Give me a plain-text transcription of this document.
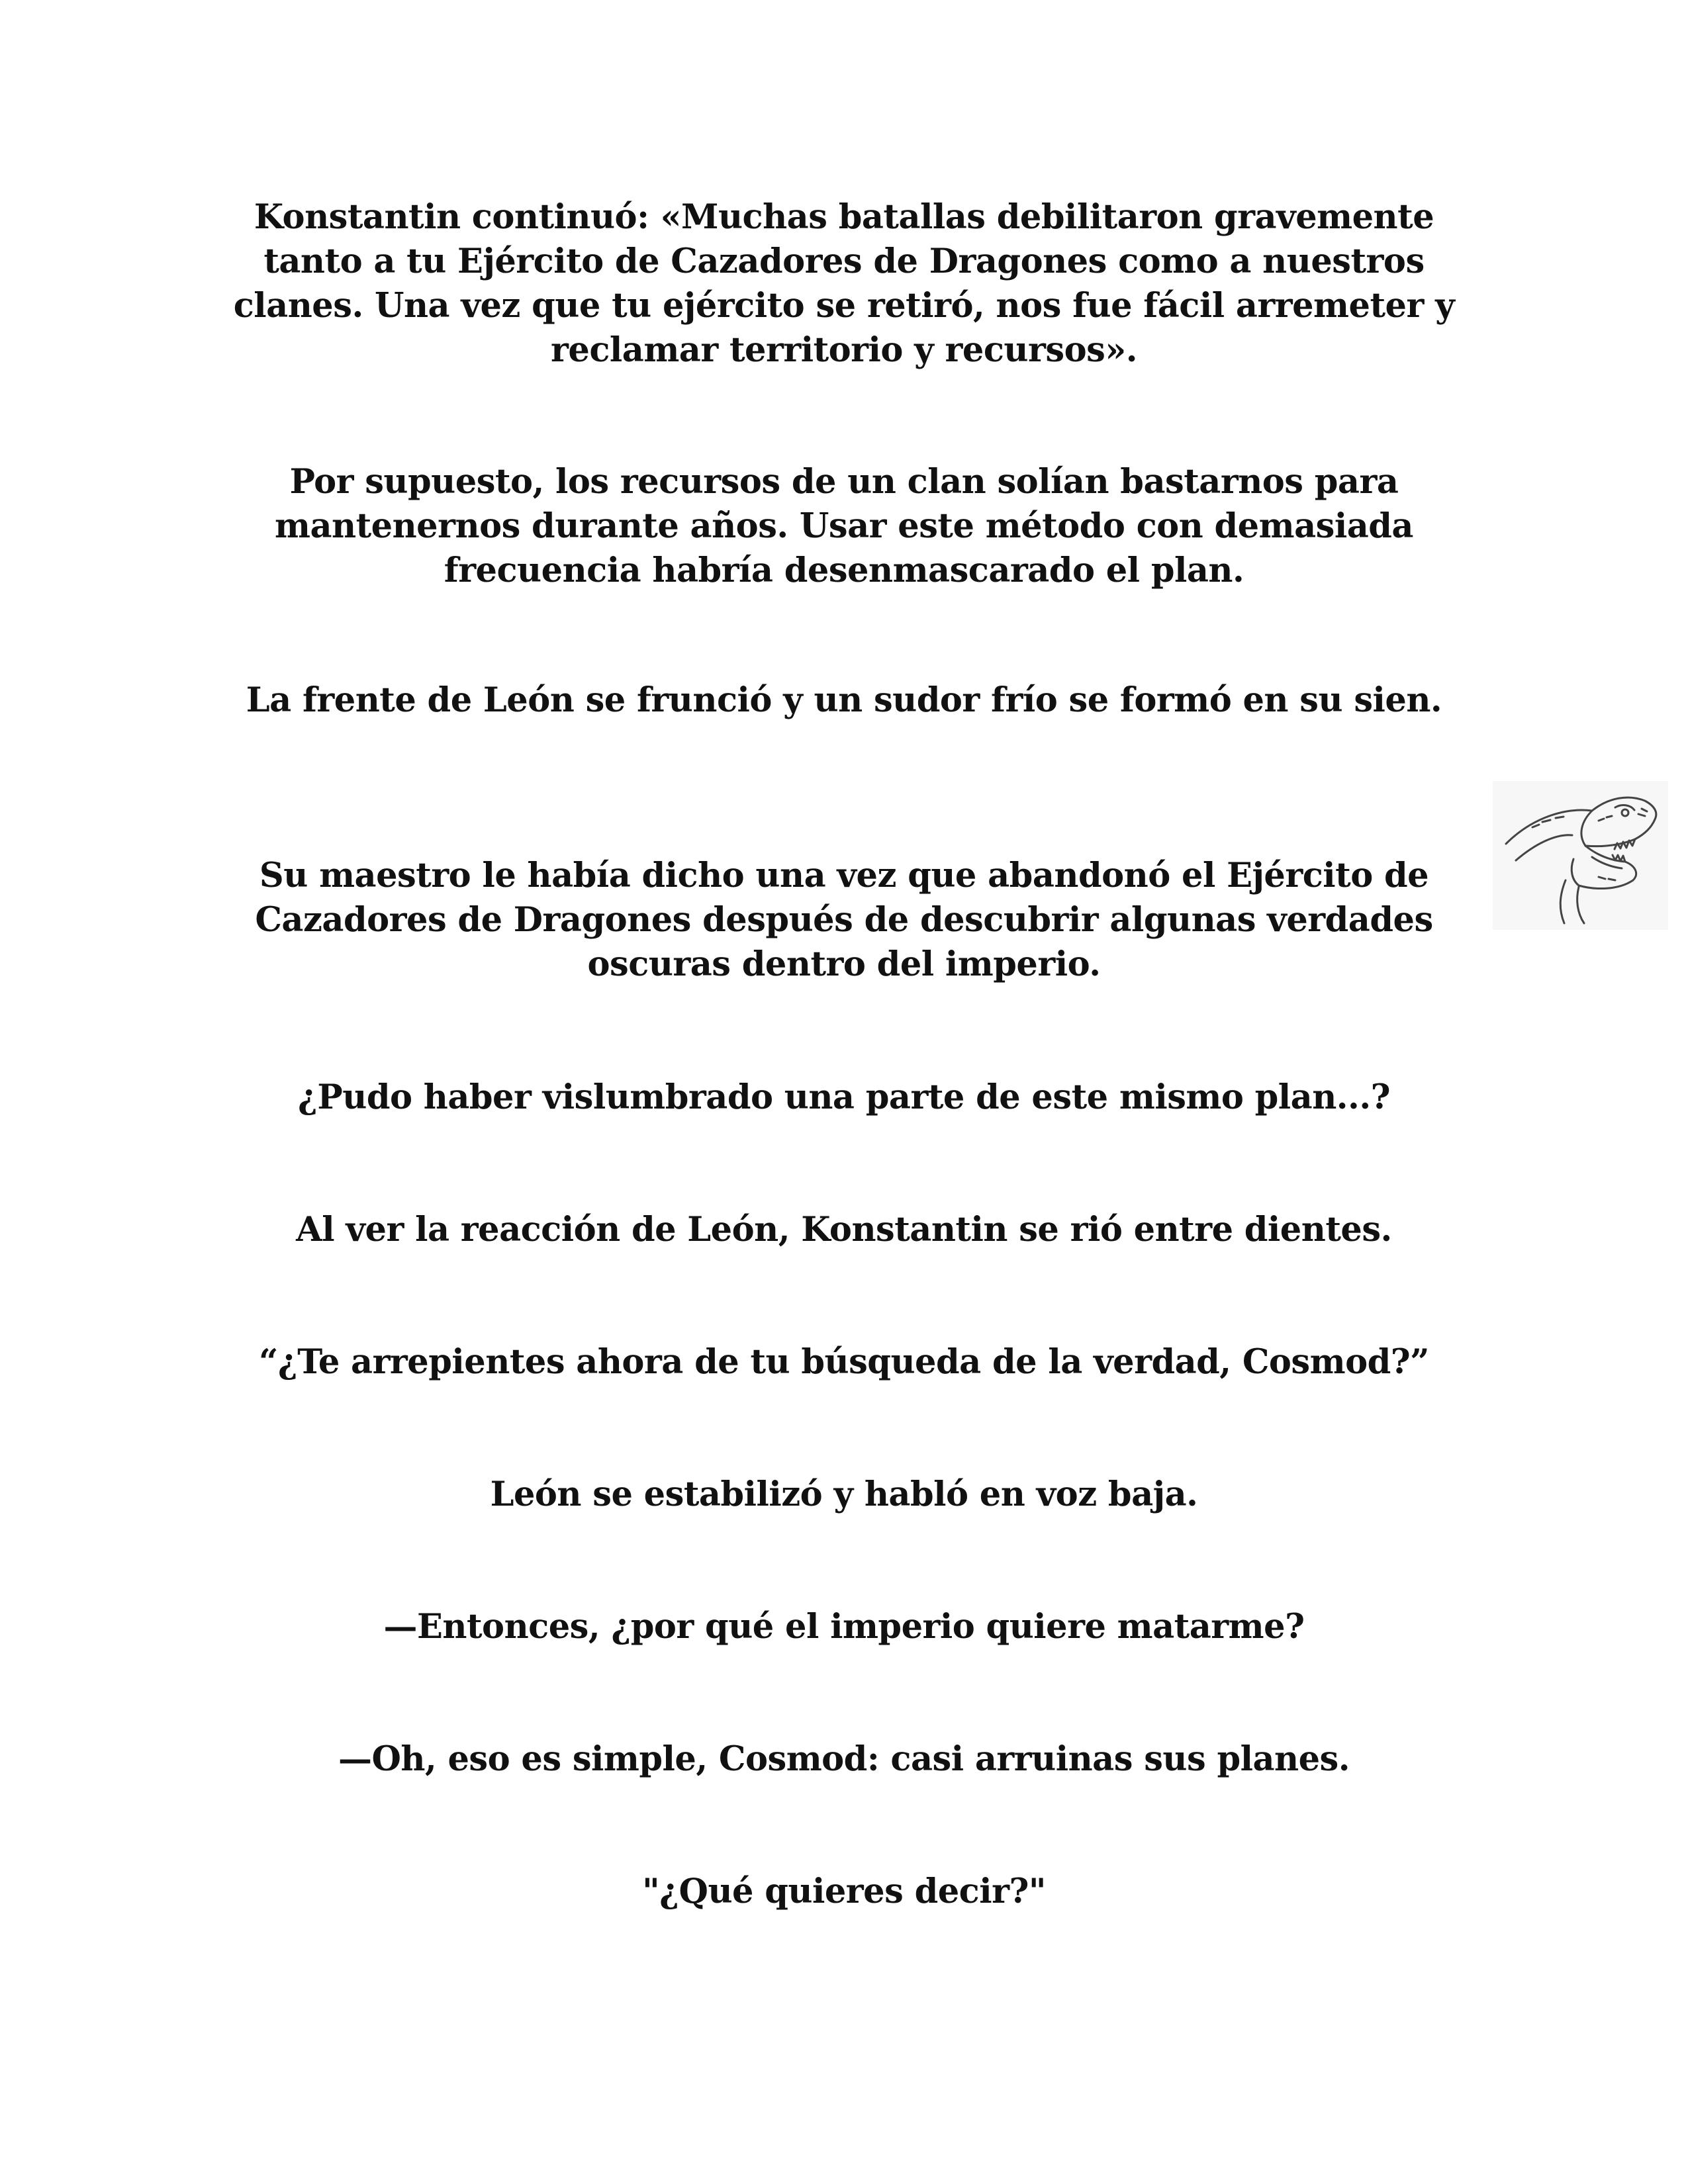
Konstantin continuó: «Muchas batallas debilitaron gravemente tanto a tu Ejército de Cazadores de Dragones como a nuestros clanes. Una vez que tu ejército se retiró, nos fue fácil arremeter y reclamar territorio y recursos».

Por supuesto, los recursos de un clan solían bastarnos para mantenernos durante años. Usar este método con demasiada frecuencia habría desenmascarado el plan.

La frente de León se frunció y un sudor frío se formó en su sien.

Su maestro le había dicho una vez que abandonó el Ejército de Cazadores de Dragones después de descubrir algunas verdades oscuras dentro del imperio.

¿Pudo haber vislumbrado una parte de este mismo plan...?

Al ver la reacción de León, Konstantin se rió entre dientes.

“¿Te arrepientes ahora de tu búsqueda de la verdad, Cosmod?”

León se estabilizó y habló en voz baja.

—Entonces, ¿por qué el imperio quiere matarme?

—Oh, eso es simple, Cosmod: casi arruinas sus planes.

"¿Qué quieres decir?"
